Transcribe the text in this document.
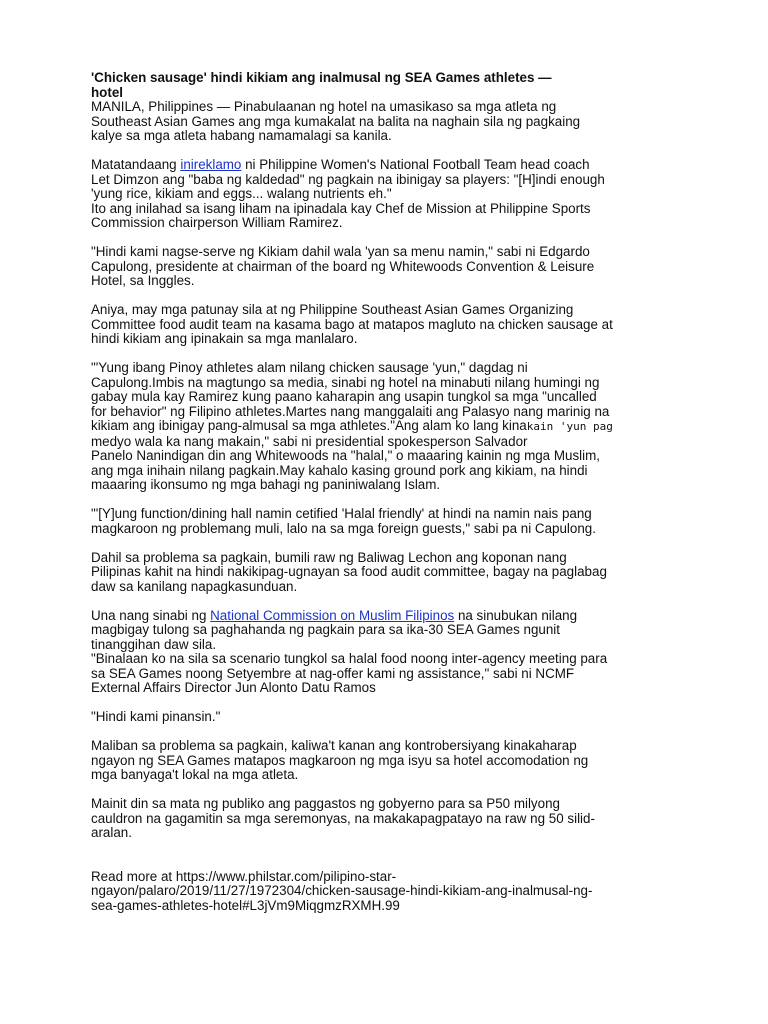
'Chicken sausage' hindi kikiam ang inalmusal ng SEA Games athletes —
hotel

MANILA, Philippines — Pinabulaanan ng hotel na umasikaso sa mga atleta ng
Southeast Asian Games ang mga kumakalat na balita na naghain sila ng pagkaing
kalye sa mga atleta habang namamalagi sa kanila.

Matatandaang inireklamo ni Philippine Women's National Football Team head coach
Let Dimzon ang "baba ng kaldedad" ng pagkain na ibinigay sa players: "[H]indi enough
'yung rice, kikiam and eggs... walang nutrients eh."
Ito ang inilahad sa isang liham na ipinadala kay Chef de Mission at Philippine Sports
Commission chairperson William Ramirez.

"Hindi kami nagse-serve ng Kikiam dahil wala 'yan sa menu namin," sabi ni Edgardo
Capulong, presidente at chairman of the board ng Whitewoods Convention & Leisure
Hotel, sa Inggles.

Aniya, may mga patunay sila at ng Philippine Southeast Asian Games Organizing
Committee food audit team na kasama bago at matapos magluto na chicken sausage at
hindi kikiam ang ipinakain sa mga manlalaro.

"'Yung ibang Pinoy athletes alam nilang chicken sausage 'yun," dagdag ni
Capulong.Imbis na magtungo sa media, sinabi ng hotel na minabuti nilang humingi ng
gabay mula kay Ramirez kung paano kaharapin ang usapin tungkol sa mga "uncalled
for behavior" ng Filipino athletes.Martes nang manggalaiti ang Palasyo nang marinig na
kikiam ang ibinigay pang-almusal sa mga athletes."Ang alam ko lang kinakain 'yun pag
medyo wala ka nang makain," sabi ni presidential spokesperson Salvador
Panelo Nanindigan din ang Whitewoods na "halal," o maaaring kainin ng mga Muslim,
ang mga inihain nilang pagkain.May kahalo kasing ground pork ang kikiam, na hindi
maaaring ikonsumo ng mga bahagi ng paniniwalang Islam.

"'[Y]ung function/dining hall namin cetified 'Halal friendly' at hindi na namin nais pang
magkaroon ng problemang muli, lalo na sa mga foreign guests," sabi pa ni Capulong.

Dahil sa problema sa pagkain, bumili raw ng Baliwag Lechon ang koponan nang
Pilipinas kahit na hindi nakikipag-ugnayan sa food audit committee, bagay na paglabag
daw sa kanilang napagkasunduan.

Una nang sinabi ng National Commission on Muslim Filipinos na sinubukan nilang
magbigay tulong sa paghahanda ng pagkain para sa ika-30 SEA Games ngunit
tinanggihan daw sila.
"Binalaan ko na sila sa scenario tungkol sa halal food noong inter-agency meeting para
sa SEA Games noong Setyembre at nag-offer kami ng assistance," sabi ni NCMF
External Affairs Director Jun Alonto Datu Ramos

"Hindi kami pinansin."

Maliban sa problema sa pagkain, kaliwa't kanan ang kontrobersiyang kinakaharap
ngayon ng SEA Games matapos magkaroon ng mga isyu sa hotel accomodation ng
mga banyaga't lokal na mga atleta.

Mainit din sa mata ng publiko ang paggastos ng gobyerno para sa P50 milyong
cauldron na gagamitin sa mga seremonyas, na makakapagpatayo na raw ng 50 silid-
aralan.

Read more at https://www.philstar.com/pilipino-star-
ngayon/palaro/2019/11/27/1972304/chicken-sausage-hindi-kikiam-ang-inalmusal-ng-
sea-games-athletes-hotel#L3jVm9MiqgmzRXMH.99
